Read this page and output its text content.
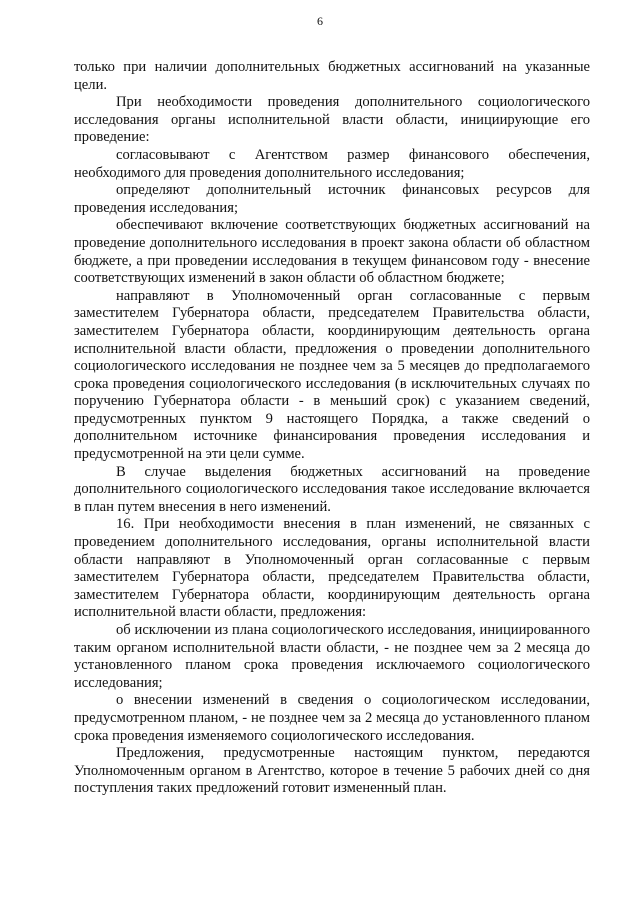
6

только при наличии дополнительных бюджетных ассигнований на указанные цели.

При необходимости проведения дополнительного социологического исследования органы исполнительной власти области, инициирующие его проведение:

согласовывают с Агентством размер финансового обеспечения, необходимого для проведения дополнительного исследования;

определяют дополнительный источник финансовых ресурсов для проведения исследования;

обеспечивают включение соответствующих бюджетных ассигнований на проведение дополнительного исследования в проект закона области об областном бюджете, а при проведении исследования в текущем финансовом году - внесение соответствующих изменений в закон области об областном бюджете;

направляют в Уполномоченный орган согласованные с первым заместителем Губернатора области, председателем Правительства области, заместителем Губернатора области, координирующим деятельность органа исполнительной власти области, предложения о проведении дополнительного социологического исследования не позднее чем за 5 месяцев до предполагаемого срока проведения социологического исследования (в исключительных случаях по поручению Губернатора области - в меньший срок) с указанием сведений, предусмотренных пунктом 9 настоящего Порядка, а также сведений о дополнительном источнике финансирования проведения исследования и предусмотренной на эти цели сумме.

В случае выделения бюджетных ассигнований на проведение дополнительного социологического исследования такое исследование включается в план путем внесения в него изменений.

16. При необходимости внесения в план изменений, не связанных с проведением дополнительного исследования, органы исполнительной власти области направляют в Уполномоченный орган согласованные с первым заместителем Губернатора области, председателем Правительства области, заместителем Губернатора области, координирующим деятельность органа исполнительной власти области, предложения:

об исключении из плана социологического исследования, инициированного таким органом исполнительной власти области, - не позднее чем за 2 месяца до установленного планом срока проведения исключаемого социологического исследования;

о внесении изменений в сведения о социологическом исследовании, предусмотренном планом, - не позднее чем за 2 месяца до установленного планом срока проведения изменяемого социологического исследования.

Предложения, предусмотренные настоящим пунктом, передаются Уполномоченным органом в Агентство, которое в течение 5 рабочих дней со дня поступления таких предложений готовит измененный план.
